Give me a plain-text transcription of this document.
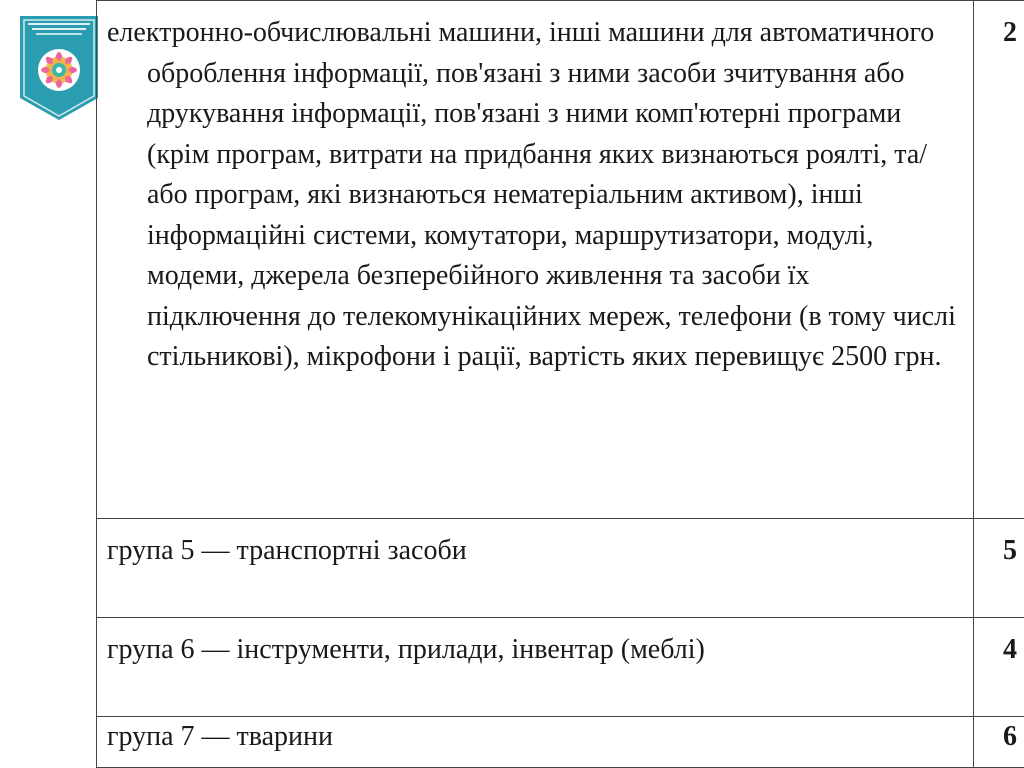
електронно-обчислювальні машини, інші машини для автоматичного оброблення інформації, пов'язані з ними засоби зчитування або друкування інформації, пов'язані з ними комп'ютерні програми (крім програм, витрати на придбання яких визнаються роялті, та/або програм, які визнаються нематеріальним активом), інші інформаційні системи, комутатори, маршрутизатори, модулі, модеми, джерела безперебійного живлення та засоби їх підключення до телекомунікаційних мереж, телефони (в тому числі стільникові), мікрофони і рації, вартість яких перевищує 2500 грн.	2
група 5 — транспортні засоби	5
група 6 — інструменти, прилади, інвентар (меблі)	4
група 7 — тварини	6
